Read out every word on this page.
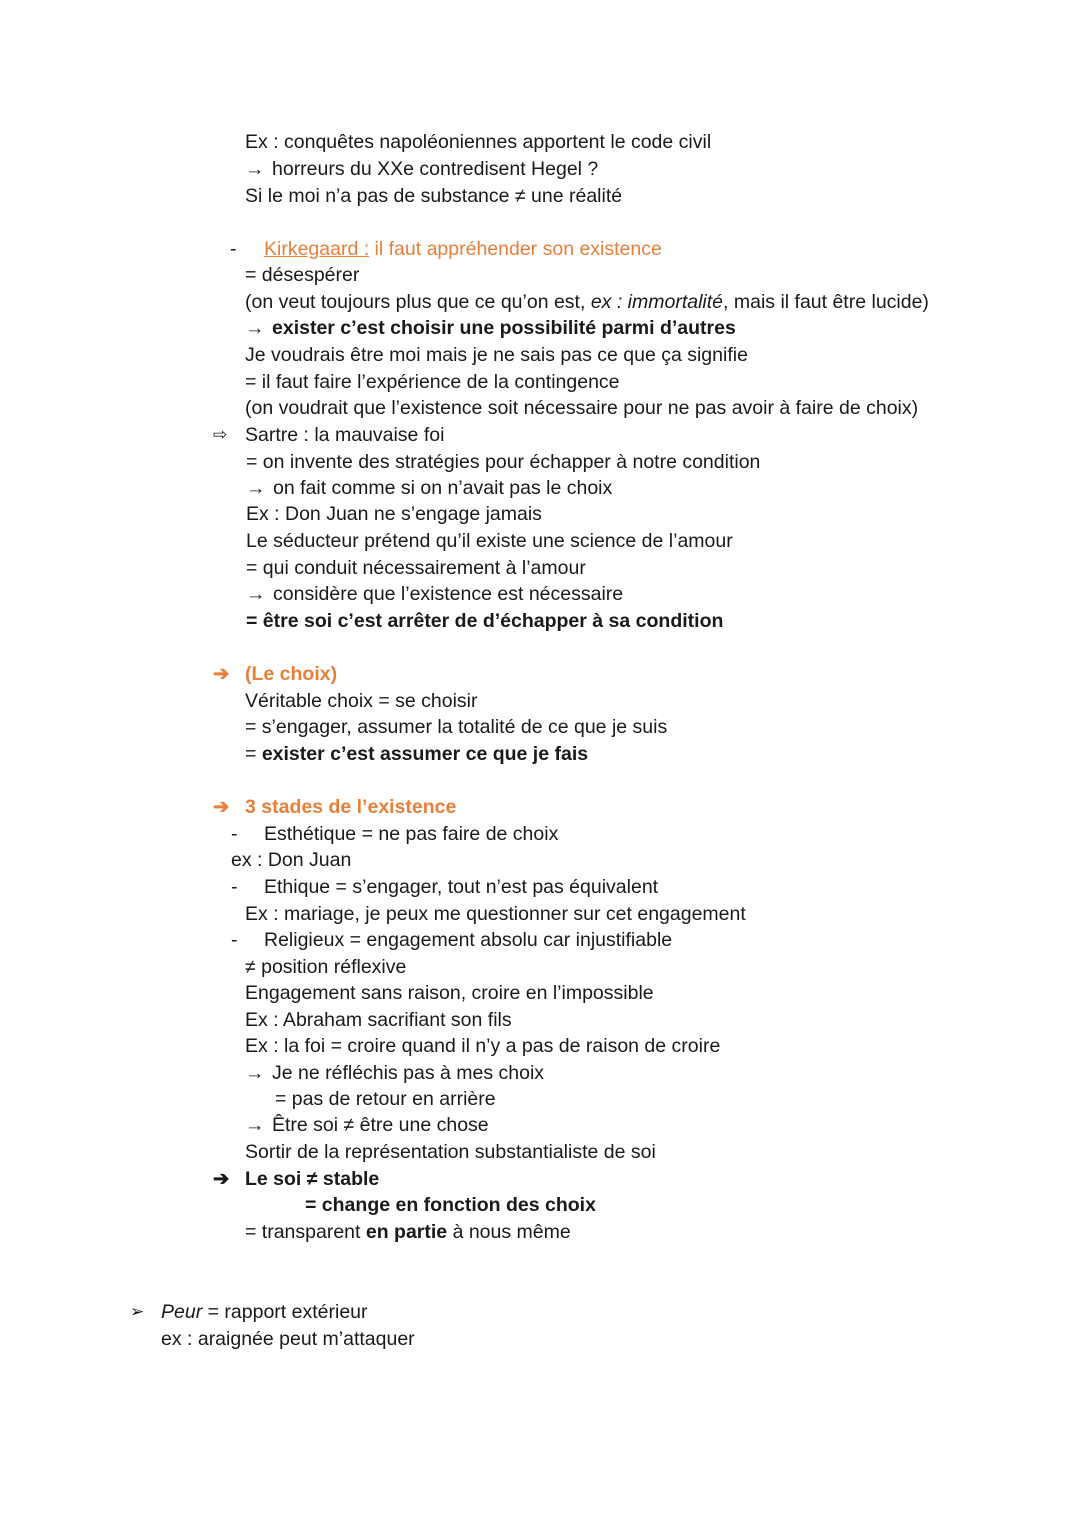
Ex : conquêtes napoléoniennes apportent le code civil
→ horreurs du XXe contredisent Hegel ?
Si le moi n’a pas de substance ≠ une réalité
- Kirkegaard : il faut appréhender son existence
= désespérer
(on veut toujours plus que ce qu’on est, ex : immortalité, mais il faut être lucide)
→ exister c’est choisir une possibilité parmi d’autres
Je voudrais être moi mais je ne sais pas ce que ça signifie
= il faut faire l’expérience de la contingence
(on voudrait que l’existence soit nécessaire pour ne pas avoir à faire de choix)
⇨ Sartre : la mauvaise foi
= on invente des stratégies pour échapper à notre condition
→ on fait comme si on n’avait pas le choix
Ex : Don Juan ne s’engage jamais
Le séducteur prétend qu’il existe une science de l’amour
= qui conduit nécessairement à l’amour
→ considère que l’existence est nécessaire
= être soi c’est arrêter de d’échapper à sa condition
➔ (Le choix)
Véritable choix = se choisir
= s’engager, assumer la totalité de ce que je suis
= exister c’est assumer ce que je fais
➔ 3 stades de l’existence
- Esthétique = ne pas faire de choix
ex : Don Juan
- Ethique = s’engager, tout n’est pas équivalent
Ex : mariage, je peux me questionner sur cet engagement
- Religieux = engagement absolu car injustifiable
≠ position réflexive
Engagement sans raison, croire en l’impossible
Ex : Abraham sacrifiant son fils
Ex : la foi = croire quand il n’y a pas de raison de croire
→ Je ne réfléchis pas à mes choix
= pas de retour en arrière
→ Être soi ≠ être une chose
Sortir de la représentation substantialiste de soi
➔ Le soi ≠ stable
= change en fonction des choix
= transparent en partie à nous même
➢ Peur = rapport extérieur
ex : araignée peut m’attaquer
